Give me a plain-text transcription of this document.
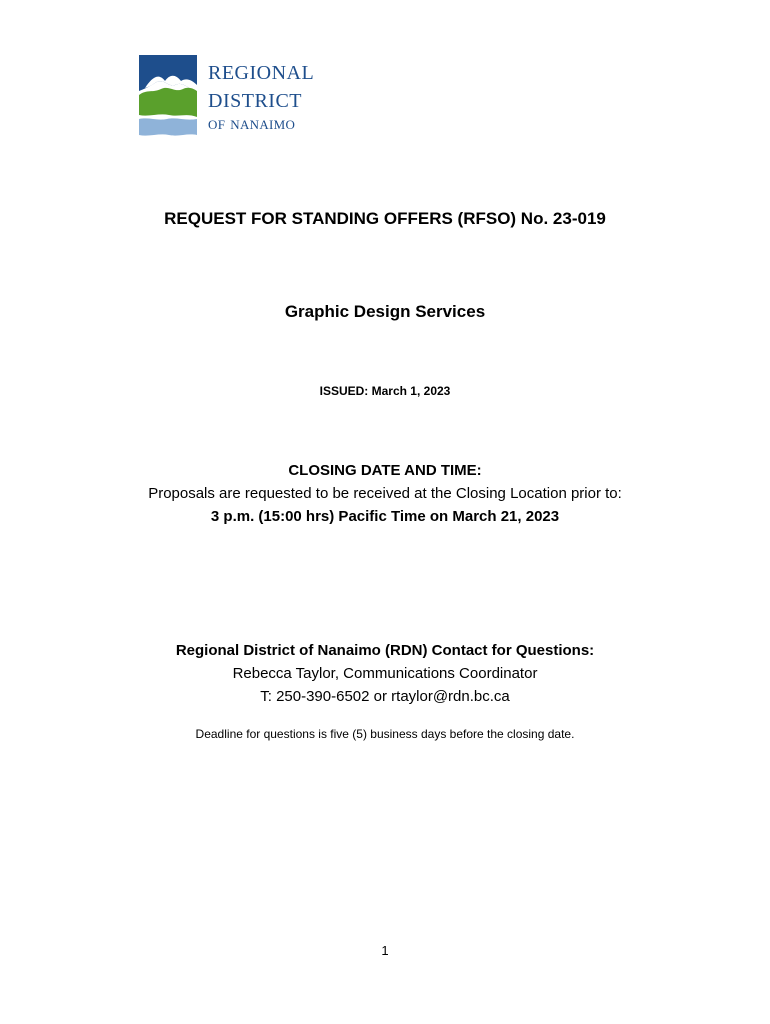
regional
district
of nanaimo
REQUEST FOR STANDING OFFERS (RFSO) No. 23-019
Graphic Design Services
ISSUED: March 1, 2023
CLOSING DATE AND TIME:
Proposals are requested to be received at the Closing Location prior to:
3 p.m. (15:00 hrs) Pacific Time on March 21, 2023
Regional District of Nanaimo (RDN) Contact for Questions:
Rebecca Taylor, Communications Coordinator
T: 250-390-6502 or rtaylor@rdn.bc.ca
Deadline for questions is five (5) business days before the closing date.
1
